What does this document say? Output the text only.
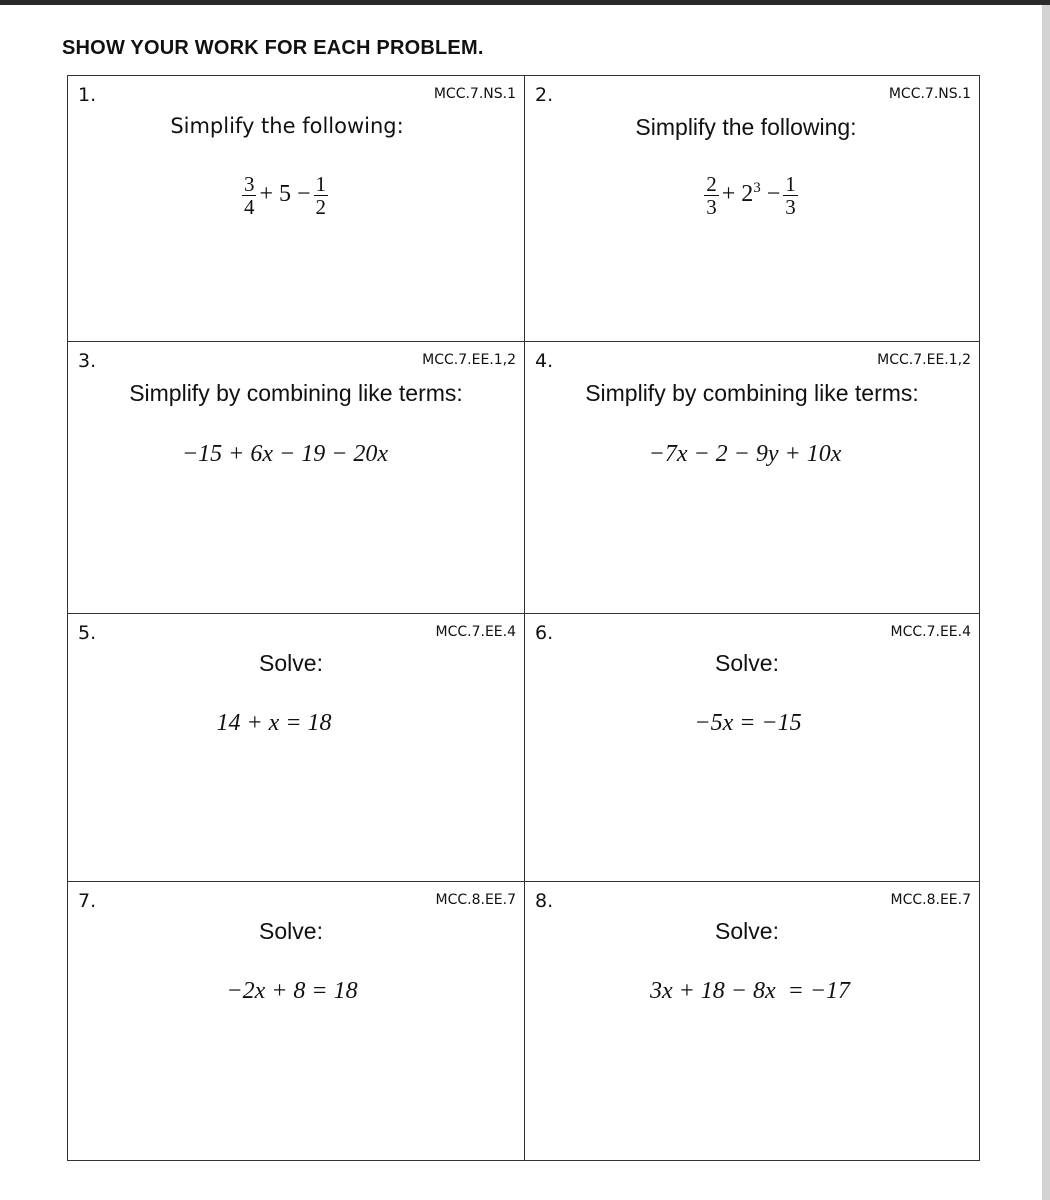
SHOW YOUR WORK FOR EACH PROBLEM.
1.	MCC.7.NS.1
Simplify the following:
$\frac{3}{4} + 5 - \frac{1}{2}$
2.	MCC.7.NS.1
Simplify the following:
$\frac{2}{3} + 2^3 - \frac{1}{3}$
3.	MCC.7.EE.1,2
Simplify by combining like terms:
−15 + 6x − 19 − 20x
4.	MCC.7.EE.1,2
Simplify by combining like terms:
−7x − 2 − 9y + 10x
5.	MCC.7.EE.4
Solve:
14 + x = 18
6.	MCC.7.EE.4
Solve:
−5x = −15
7.	MCC.8.EE.7
Solve:
−2x + 8 = 18
8.	MCC.8.EE.7
Solve:
3x + 18 − 8x  = −17
